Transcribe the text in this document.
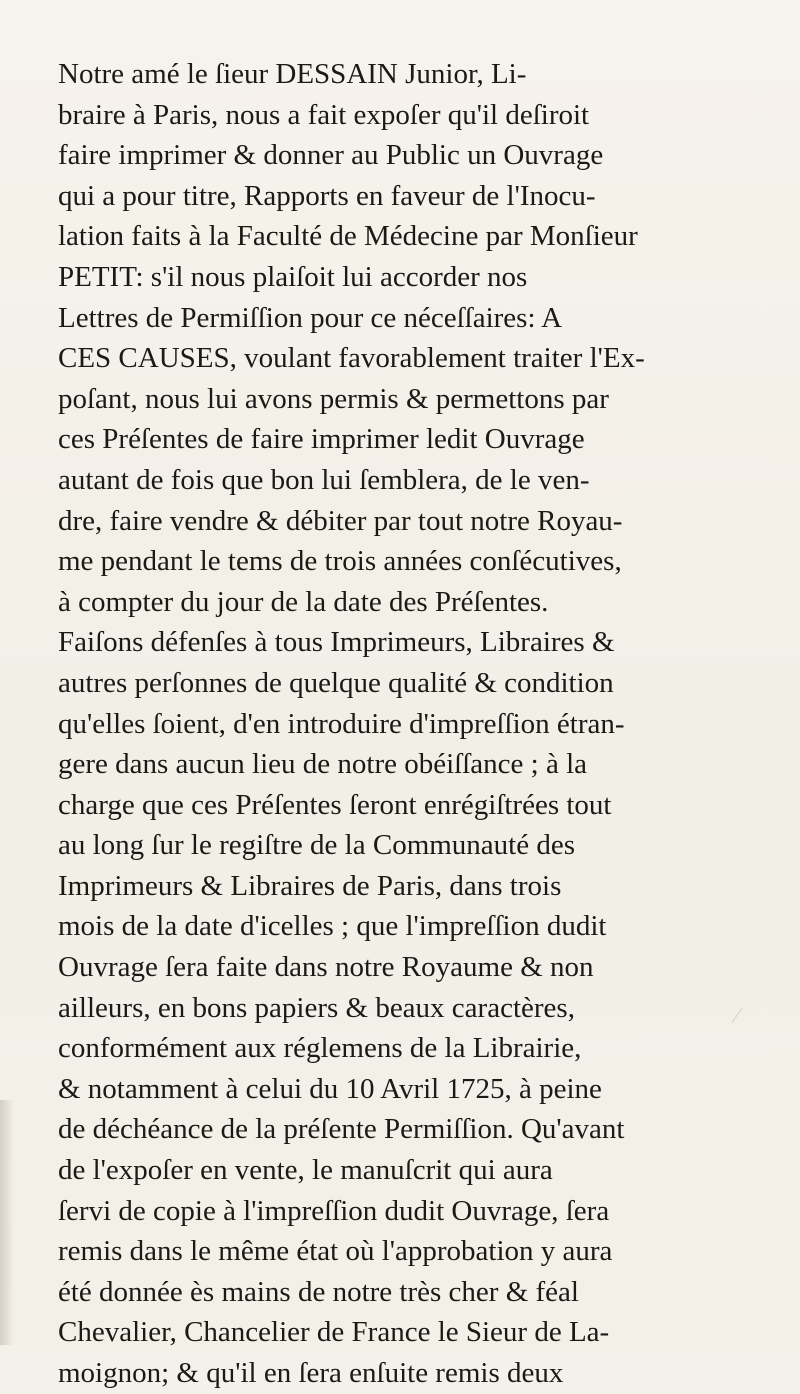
Notre amé le ſieur DESSAIN Junior, Li-
braire à Paris, nous a fait expoſer qu'il deſiroit
faire imprimer & donner au Public un Ouvrage
qui a pour titre, Rapports en faveur de l'Inocu-
lation faits à la Faculté de Médecine par Monſieur
PETIT: s'il nous plaiſoit lui accorder nos
Lettres de Permiſſion pour ce néceſſaires: A
CES CAUSES, voulant favorablement traiter l'Ex-
poſant, nous lui avons permis & permettons par
ces Préſentes de faire imprimer ledit Ouvrage
autant de fois que bon lui ſemblera, de le ven-
dre, faire vendre & débiter par tout notre Royau-
me pendant le tems de trois années conſécutives,
à compter du jour de la date des Préſentes.
Faiſons défenſes à tous Imprimeurs, Libraires &
autres perſonnes de quelque qualité & condition
qu'elles ſoient, d'en introduire d'impreſſion étran-
gere dans aucun lieu de notre obéiſſance ; à la
charge que ces Préſentes ſeront enrégiſtrées tout
au long ſur le regiſtre de la Communauté des
Imprimeurs & Libraires de Paris, dans trois
mois de la date d'icelles ; que l'impreſſion dudit
Ouvrage ſera faite dans notre Royaume & non
ailleurs, en bons papiers & beaux caractères,
conformément aux réglemens de la Librairie,
& notamment à celui du 10 Avril 1725, à peine
de déchéance de la préſente Permiſſion. Qu'avant
de l'expoſer en vente, le manuſcrit qui aura
ſervi de copie à l'impreſſion dudit Ouvrage, ſera
remis dans le même état où l'approbation y aura
été donnée ès mains de notre très cher & féal
Chevalier, Chancelier de France le Sieur de La-
moignon; & qu'il en ſera enſuite remis deux
